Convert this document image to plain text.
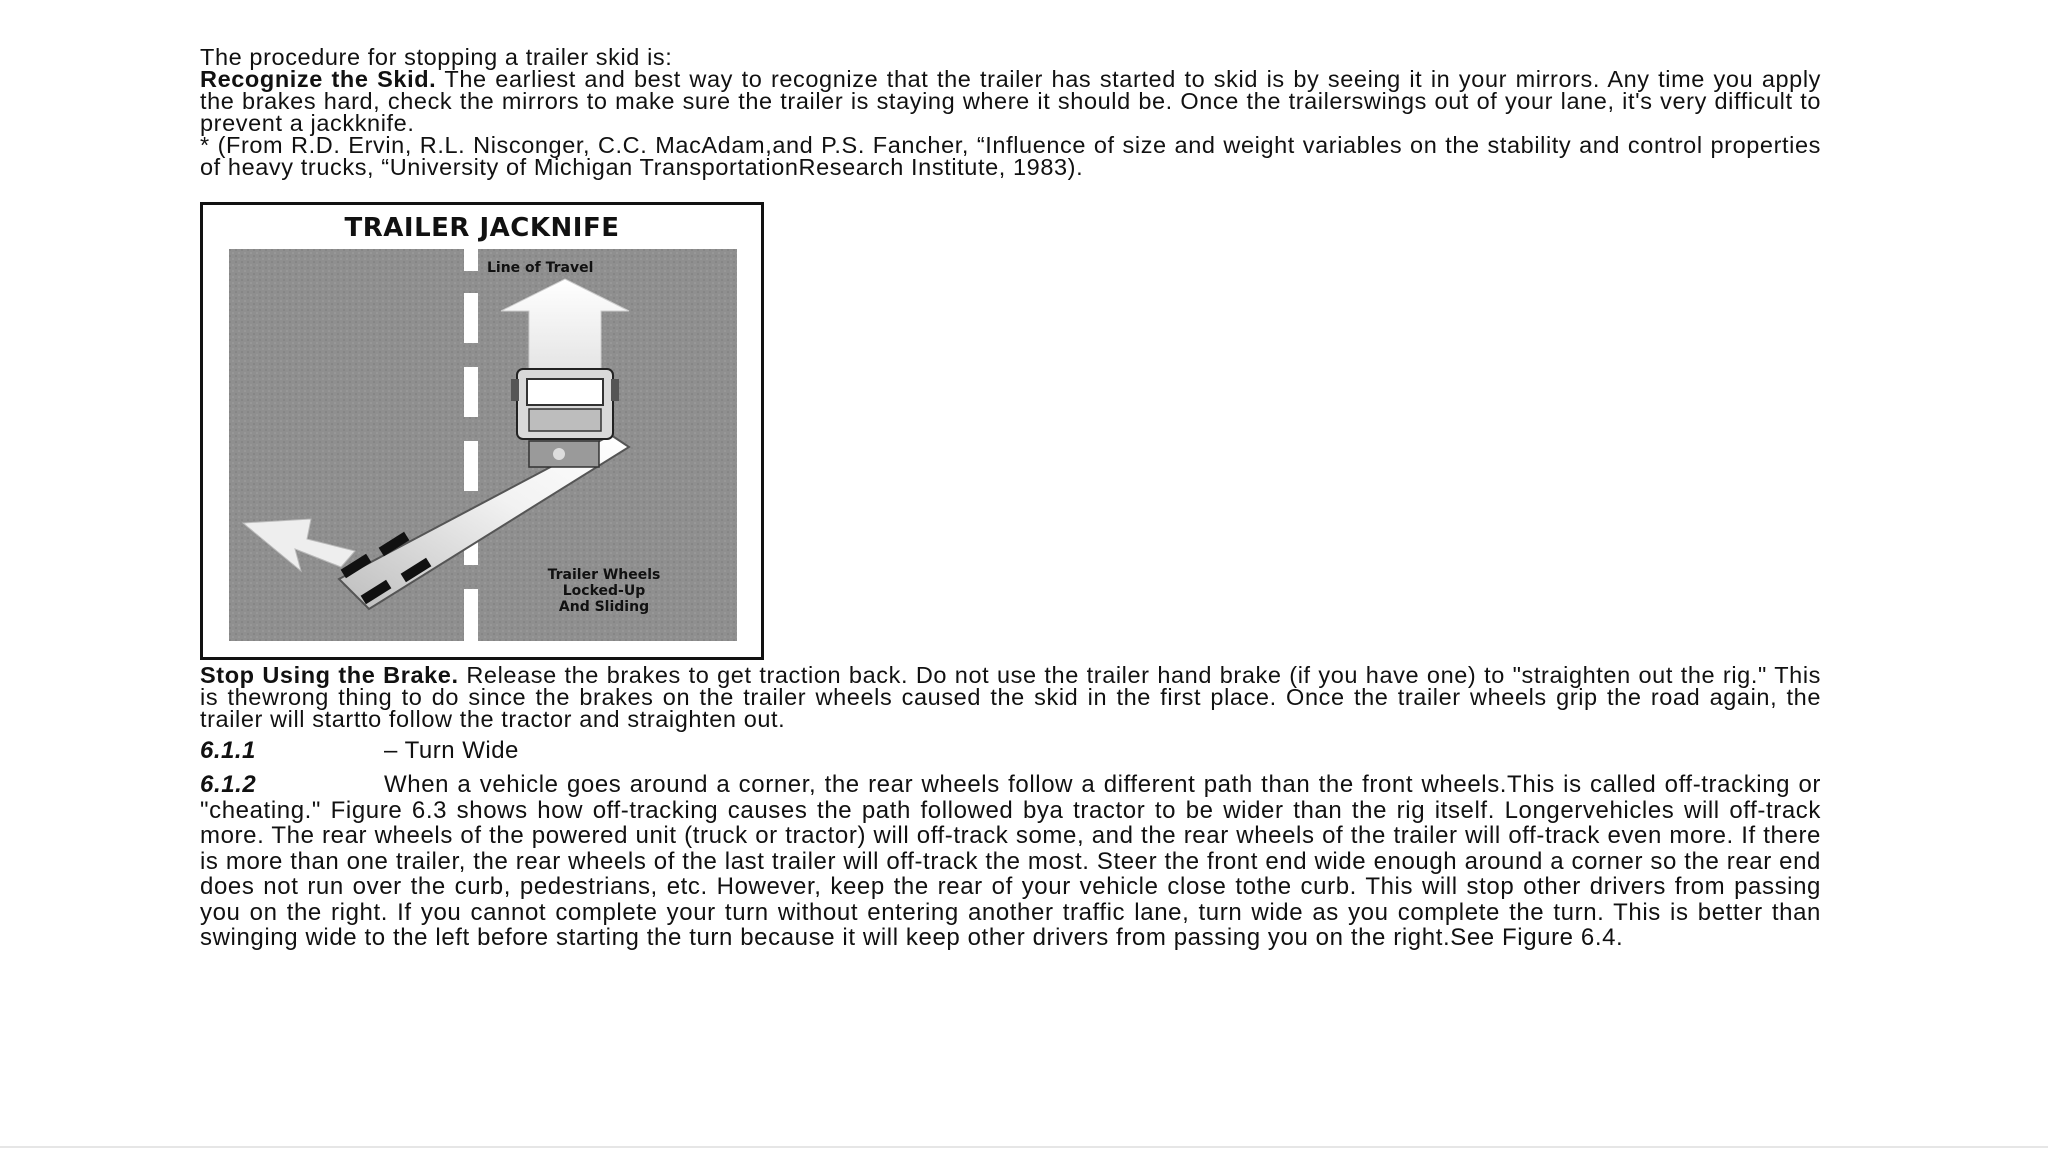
The procedure for stopping a trailer skid is:

Recognize the Skid. The earliest and best way to recognize that the trailer has started to skid is by seeing it in your mirrors. Any time you apply the brakes hard, check the mirrors to make sure the trailer is staying where it should be. Once the trailerswings out of your lane, it's very difficult to prevent a jackknife.

* (From R.D. Ervin, R.L. Nisconger, C.C. MacAdam,and P.S. Fancher, “Influence of size and weight variables on the stability and control properties of heavy trucks, “University of Michigan TransportationResearch Institute, 1983).

TRAILER JACKNIFE
Line of Travel
Trailer Wheels
Locked-Up
And Sliding

Stop Using the Brake. Release the brakes to get traction back. Do not use the trailer hand brake (if you have one) to "straighten out the rig." This is thewrong thing to do since the brakes on the trailer wheels caused the skid in the first place. Once the trailer wheels grip the road again, the trailer will startto follow the tractor and straighten out.

6.1.1	– Turn Wide
6.1.2	When a vehicle goes around a corner, the rear wheels follow a different path than the front wheels.This is called off-tracking or "cheating." Figure 6.3 shows how off-tracking causes the path followed bya tractor to be wider than the rig itself. Longervehicles will off-track more. The rear wheels of the powered unit (truck or tractor) will off-track some, and the rear wheels of the trailer will off-track even more. If there is more than one trailer, the rear wheels of the last trailer will off-track the most. Steer the front end wide enough around a corner so the rear end does not run over the curb, pedestrians, etc. However, keep the rear of your vehicle close tothe curb. This will stop other drivers from passing you on the right. If you cannot complete your turn without entering another traffic lane, turn wide as you complete the turn. This is better than swinging wide to the left before starting the turn because it will keep other drivers from passing you on the right.See Figure 6.4.
